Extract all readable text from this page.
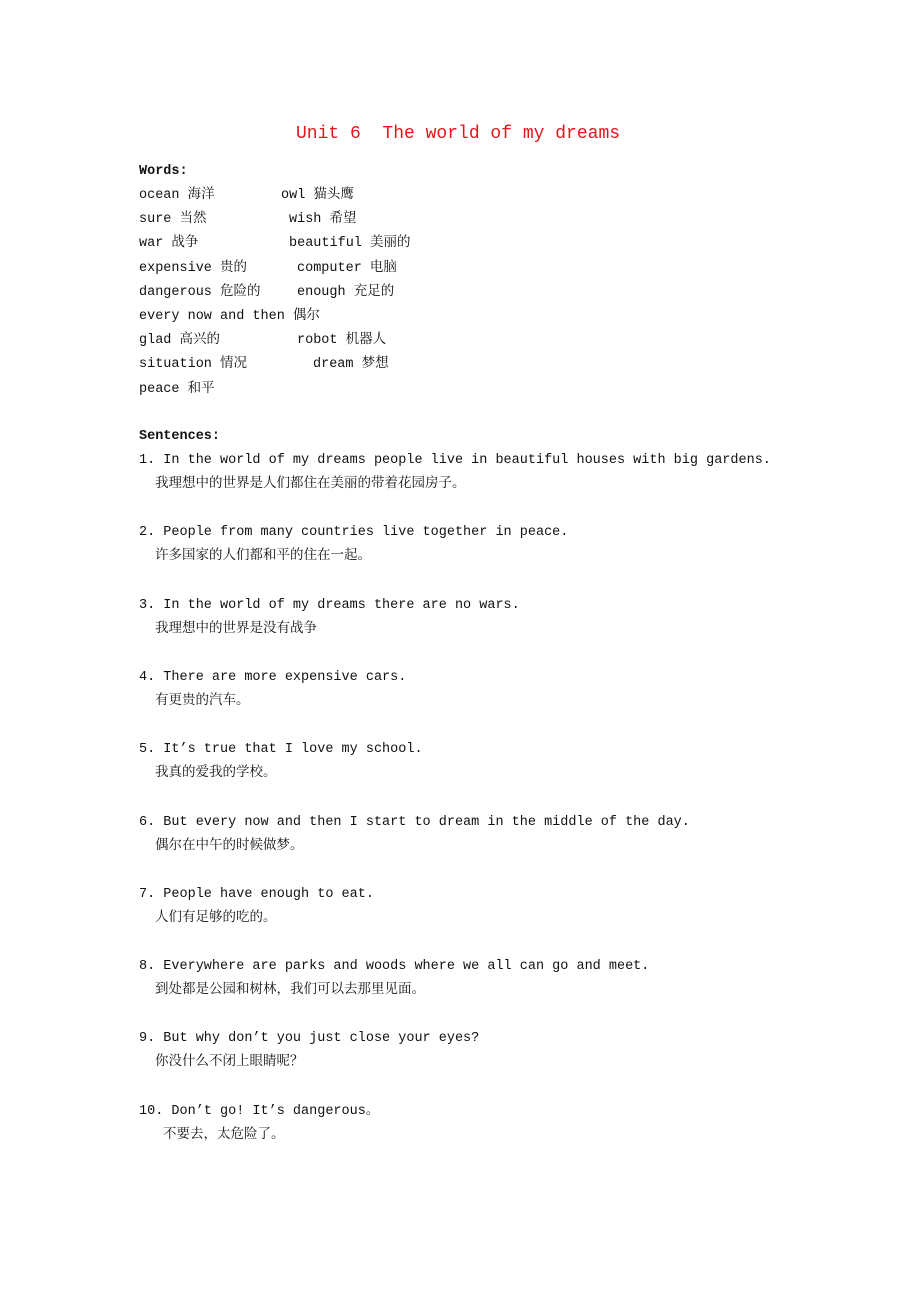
Unit 6  The world of my dreams
Words:
ocean 海洋	owl 猫头鹰
sure 当然	wish 希望
war 战争	beautiful 美丽的
expensive 贵的	computer 电脑
dangerous 危险的	enough 充足的
every now and then 偶尔
glad 高兴的	robot 机器人
situation 情况	dream 梦想
peace 和平
Sentences:
1. In the world of my dreams people live in beautiful houses with big gardens.
我理想中的世界是人们都住在美丽的带着花园房子。
2. People from many countries live together in peace.
许多国家的人们都和平的住在一起。
3. In the world of my dreams there are no wars.
我理想中的世界是没有战争
4. There are more expensive cars.
有更贵的汽车。
5. It’s true that I love my school.
我真的爱我的学校。
6. But every now and then I start to dream in the middle of the day.
偶尔在中午的时候做梦。
7. People have enough to eat.
人们有足够的吃的。
8. Everywhere are parks and woods where we all can go and meet.
到处都是公园和树林，我们可以去那里见面。
9. But why don’t you just close your eyes?
你没什么不闭上眼睛呢？
10. Don’t go! It’s dangerous。
不要去，太危险了。
